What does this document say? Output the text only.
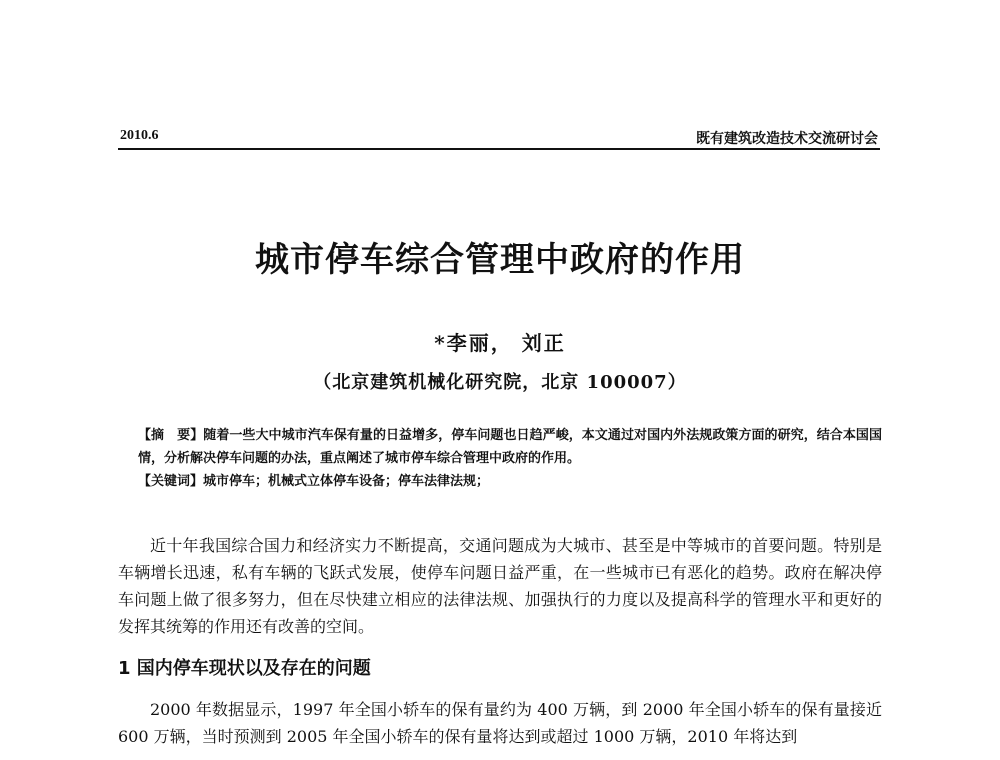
2010.6	既有建筑改造技术交流研讨会
城市停车综合管理中政府的作用
*李丽， 刘正
（北京建筑机械化研究院，北京 100007）

【摘　要】随着一些大中城市汽车保有量的日益增多，停车问题也日趋严峻，本文通过对国内外法规政策方面的研究，结合本国国情，分析解决停车问题的办法，重点阐述了城市停车综合管理中政府的作用。

【关键词】城市停车；机械式立体停车设备；停车法律法规；

近十年我国综合国力和经济实力不断提高，交通问题成为大城市、甚至是中等城市的首要问题。特别是车辆增长迅速，私有车辆的飞跃式发展，使停车问题日益严重，在一些城市已有恶化的趋势。政府在解决停车问题上做了很多努力，但在尽快建立相应的法律法规、加强执行的力度以及提高科学的管理水平和更好的发挥其统筹的作用还有改善的空间。

1 国内停车现状以及存在的问题

2000 年数据显示，1997 年全国小轿车的保有量约为 400 万辆，到 2000 年全国小轿车的保有量接近 600 万辆，当时预测到 2005 年全国小轿车的保有量将达到或超过 1000 万辆，2010 年将达到
